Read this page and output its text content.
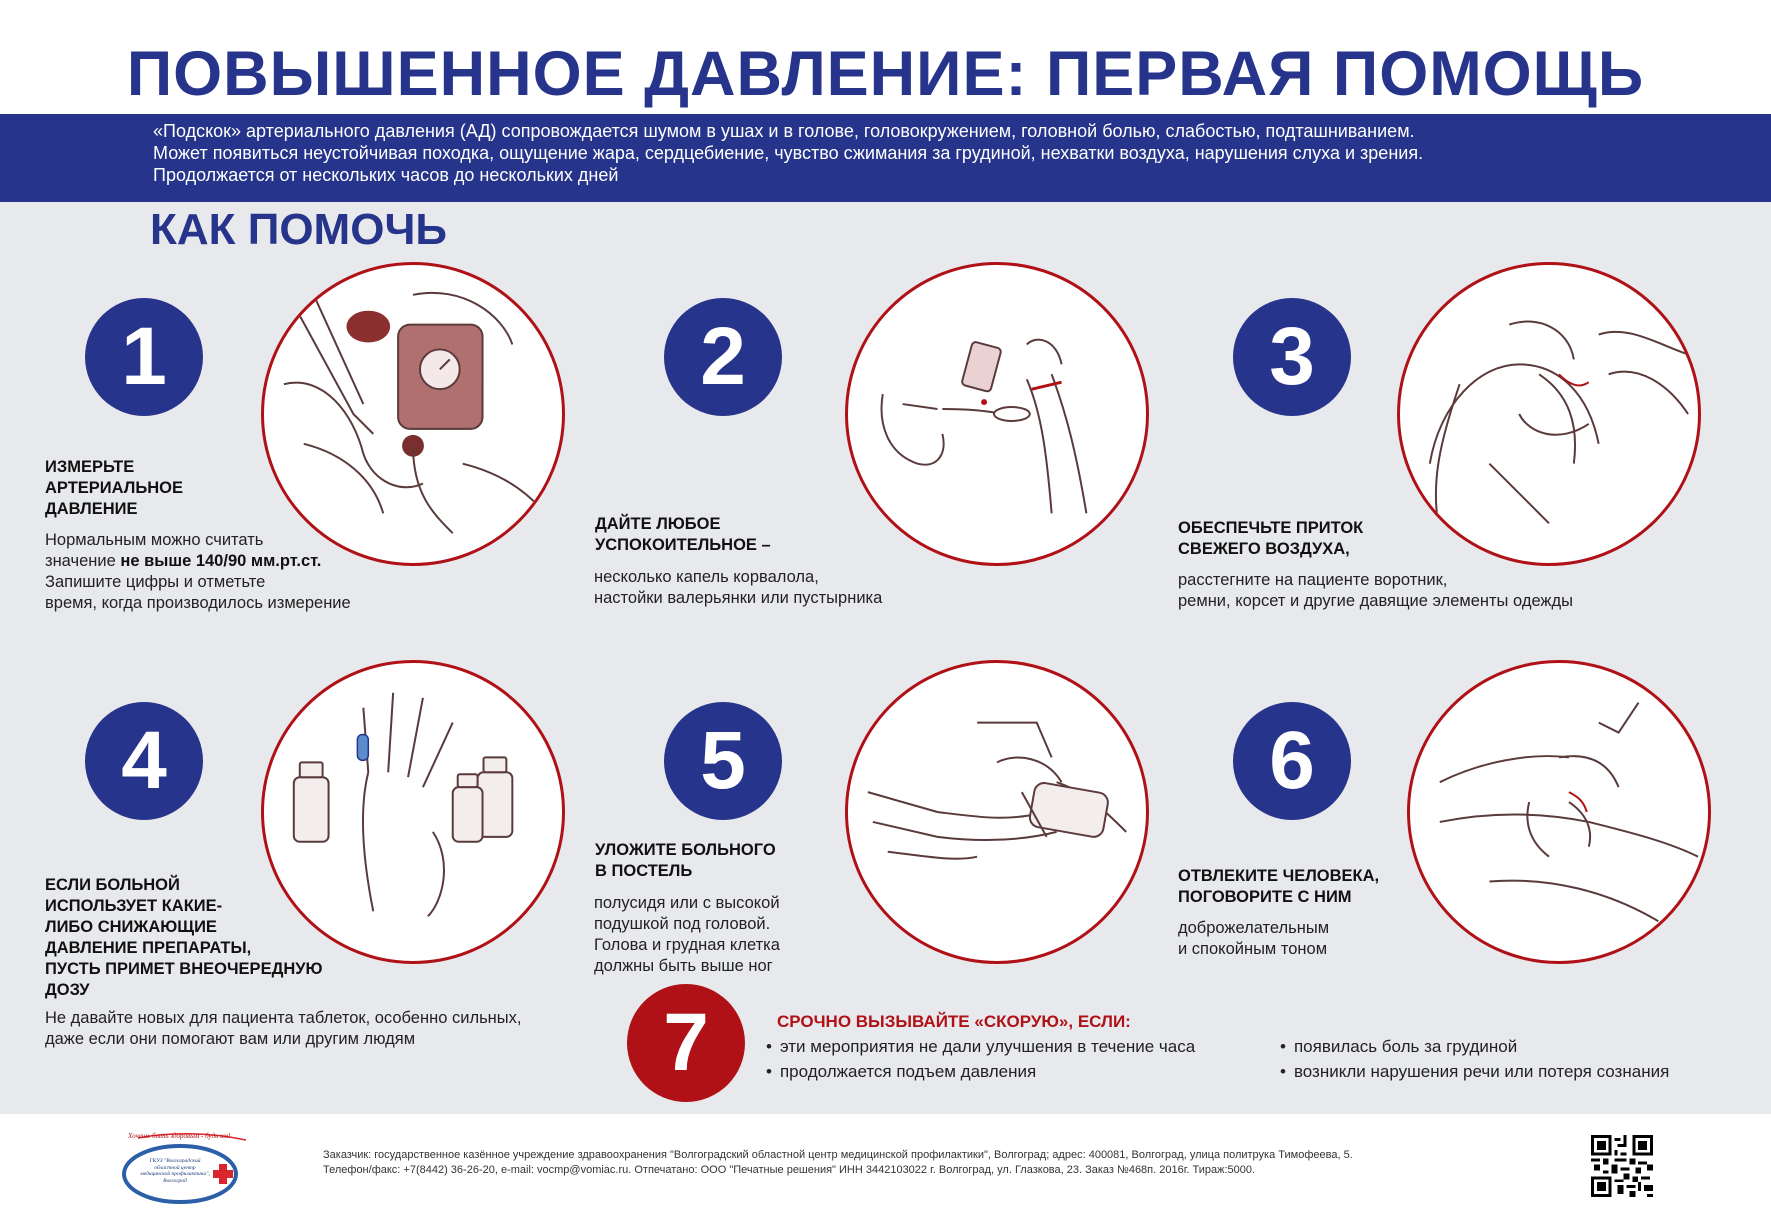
ПОВЫШЕННОЕ ДАВЛЕНИЕ: ПЕРВАЯ ПОМОЩЬ
«Подскок» артериального давления (АД) сопровождается шумом в ушах и в голове, головокружением, головной болью, слабостью, подташниванием.
Может появиться неустойчивая походка, ощущение жара, сердцебиение, чувство сжимания за грудиной, нехватки воздуха, нарушения слуха и зрения.
Продолжается от нескольких часов до нескольких дней
КАК ПОМОЧЬ
1
ИЗМЕРЬТЕ
АРТЕРИАЛЬНОЕ
ДАВЛЕНИЕ
Нормальным можно считать
значение не выше 140/90 мм.рт.ст.
Запишите цифры и отметьте
время, когда производилось измерение
2
ДАЙТЕ ЛЮБОЕ
УСПОКОИТЕЛЬНОЕ –
несколько капель корвалола,
настойки валерьянки или пустырника
3
ОБЕСПЕЧЬТЕ ПРИТОК
СВЕЖЕГО ВОЗДУХА,
расстегните на пациенте воротник,
ремни, корсет и другие давящие элементы одежды
4
ЕСЛИ БОЛЬНОЙ
ИСПОЛЬЗУЕТ КАКИЕ-
ЛИБО СНИЖАЮЩИЕ
ДАВЛЕНИЕ ПРЕПАРАТЫ,
ПУСТЬ ПРИМЕТ ВНЕОЧЕРЕДНУЮ
ДОЗУ
Не давайте новых для пациента таблеток, особенно сильных,
даже если они помогают вам или другим людям
5
УЛОЖИТЕ БОЛЬНОГО
В ПОСТЕЛЬ
полусидя или с высокой
подушкой под головой.
Голова и грудная клетка
должны быть выше ног
6
ОТВЛЕКИТЕ ЧЕЛОВЕКА,
ПОГОВОРИТЕ С НИМ
доброжелательным
и спокойным тоном
7	СРОЧНО ВЫЗЫВАЙТЕ «СКОРУЮ», ЕСЛИ:
• эти мероприятия не дали улучшения в течение часа
• продолжается подъем давления
• появилась боль за грудиной
• возникли нарушения речи или потеря сознания
Хочешь быть здоровым - будь им!
ГКУЗ "Волгоградский областной центр медицинской профилактики", Волгоград
Заказчик: государственное казённое учреждение здравоохранения "Волгоградский областной центр медицинской профилактики", Волгоград; адрес: 400081, Волгоград, улица политрука Тимофеева, 5.
Телефон/факс: +7(8442) 36-26-20, e-mail: vocmp@vomiac.ru. Отпечатано: ООО "Печатные решения" ИНН 3442103022 г. Волгоград, ул. Глазкова, 23. Заказ №468п. 2016г. Тираж:5000.
